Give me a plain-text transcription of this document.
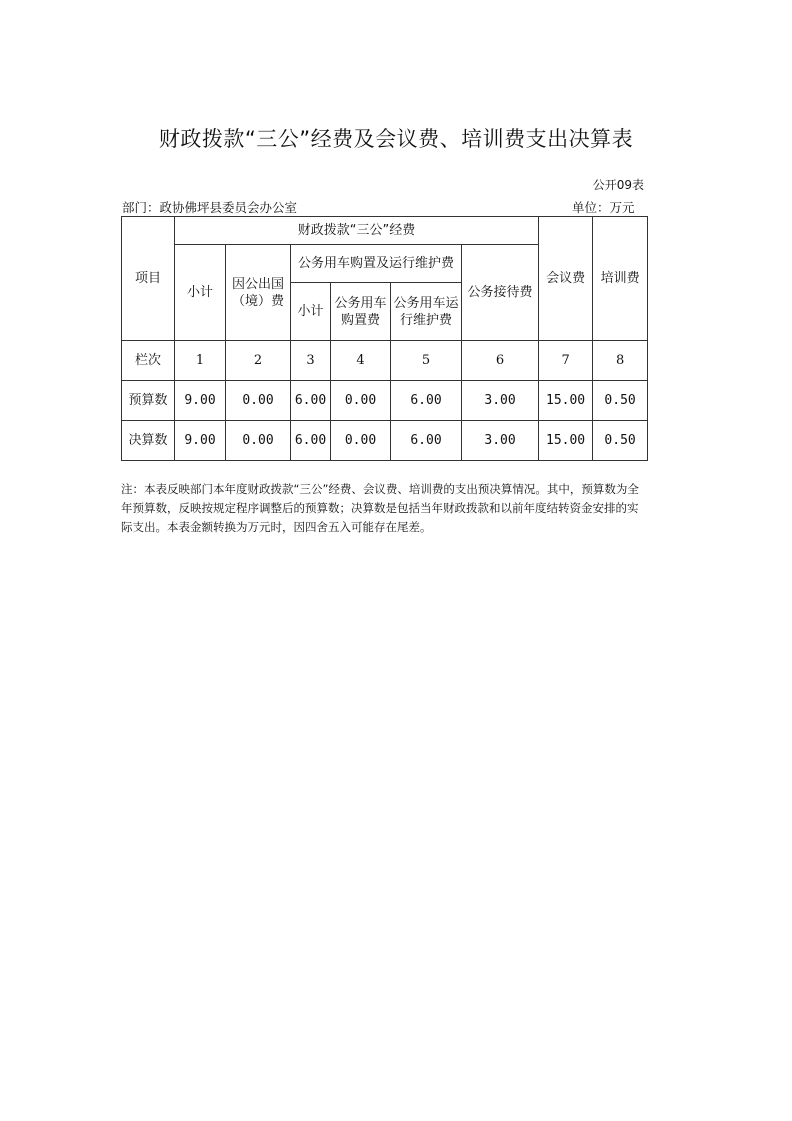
财政拨款“三公”经费及会议费、培训费支出决算表
公开09表
部门：政协佛坪县委员会办公室	单位：万元
项目	财政拨款“三公”经费						会议费	培训费
	小计	因公出国（境）费	公务用车购置及运行维护费			公务接待费		
			小计	公务用车购置费	公务用车运行维护费			
栏次	1	2	3	4	5	6	7	8
预算数	9.00	0.00	6.00	0.00	6.00	3.00	15.00	0.50
决算数	9.00	0.00	6.00	0.00	6.00	3.00	15.00	0.50
注：本表反映部门本年度财政拨款“三公”经费、会议费、培训费的支出预决算情况。其中，预算数为全年预算数，反映按规定程序调整后的预算数；决算数是包括当年财政拨款和以前年度结转资金安排的实际支出。本表金额转换为万元时，因四舍五入可能存在尾差。
